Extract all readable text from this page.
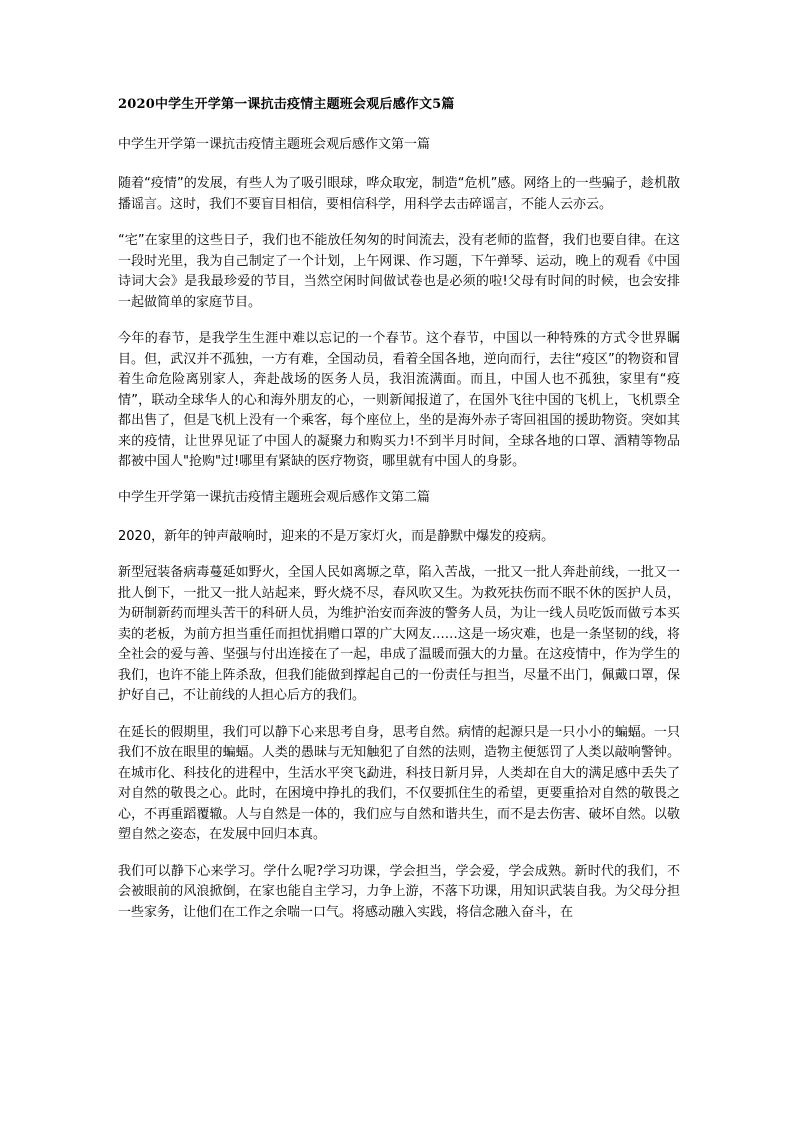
2020中学生开学第一课抗击疫情主题班会观后感作文5篇
中学生开学第一课抗击疫情主题班会观后感作文第一篇

随着“疫情”的发展，有些人为了吸引眼球，哗众取宠，制造“危机”感。网络上的一些骗子，趁机散播谣言。这时，我们不要盲目相信，要相信科学，用科学去击碎谣言，不能人云亦云。

“宅”在家里的这些日子，我们也不能放任匆匆的时间流去，没有老师的监督，我们也要自律。在这一段时光里，我为自己制定了一个计划，上午网课、作习题，下午弹琴、运动，晚上的观看《中国诗词大会》是我最珍爱的节目，当然空闲时间做试卷也是必须的啦!父母有时间的时候，也会安排一起做简单的家庭节目。

今年的春节，是我学生生涯中难以忘记的一个春节。这个春节，中国以一种特殊的方式令世界瞩目。但，武汉并不孤独，一方有难，全国动员，看着全国各地，逆向而行，去往“疫区”的物资和冒着生命危险离别家人，奔赴战场的医务人员，我泪流满面。而且，中国人也不孤独，家里有“疫情”，联动全球华人的心和海外朋友的心，一则新闻报道了，在国外飞往中国的飞机上，飞机票全都出售了，但是飞机上没有一个乘客，每个座位上，坐的是海外赤子寄回祖国的援助物资。突如其来的疫情，让世界见证了中国人的凝聚力和购买力!不到半月时间，全球各地的口罩、酒精等物品都被中国人"抢购"过!哪里有紧缺的医疗物资，哪里就有中国人的身影。

中学生开学第一课抗击疫情主题班会观后感作文第二篇

2020，新年的钟声敲响时，迎来的不是万家灯火，而是静默中爆发的疫病。

新型冠装备病毒蔓延如野火，全国人民如离塬之草，陷入苦战，一批又一批人奔赴前线，一批又一批人倒下，一批又一批人站起来，野火烧不尽，春风吹又生。为救死扶伤而不眠不休的医护人员，为研制新药而埋头苦干的科研人员，为维护治安而奔波的警务人员，为让一线人员吃饭而做亏本买卖的老板，为前方担当重任而担忧捐赠口罩的广大网友……这是一场灾难，也是一条坚韧的线，将全社会的爱与善、坚强与付出连接在了一起，串成了温暖而强大的力量。在这疫情中，作为学生的我们，也许不能上阵杀敌，但我们能做到撑起自己的一份责任与担当，尽量不出门，佩戴口罩，保护好自己，不让前线的人担心后方的我们。

在延长的假期里，我们可以静下心来思考自身，思考自然。病情的起源只是一只小小的蝙蝠。一只我们不放在眼里的蝙蝠。人类的愚昧与无知触犯了自然的法则，造物主便惩罚了人类以敲响警钟。在城市化、科技化的进程中，生活水平突飞勐进，科技日新月异，人类却在自大的满足感中丢失了对自然的敬畏之心。此时，在困境中挣扎的我们，不仅要抓住生的希望，更要重拾对自然的敬畏之心，不再重蹈覆辙。人与自然是一体的，我们应与自然和谐共生，而不是去伤害、破坏自然。以敬塑自然之姿态，在发展中回归本真。

我们可以静下心来学习。学什么呢?学习功课，学会担当，学会爱，学会成熟。新时代的我们，不会被眼前的风浪掀倒，在家也能自主学习，力争上游，不落下功课，用知识武装自我。为父母分担一些家务，让他们在工作之余喘一口气。将感动融入实践，将信念融入奋斗，在
